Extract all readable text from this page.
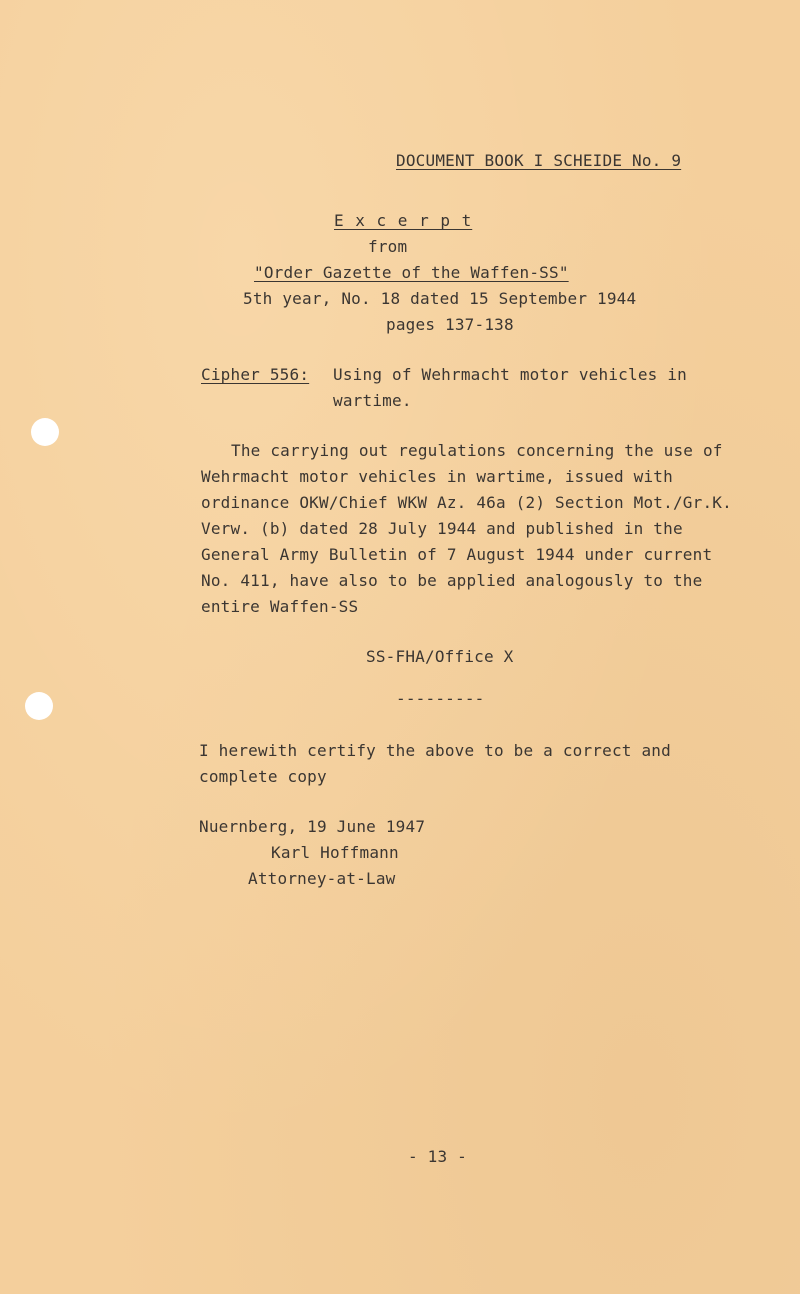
DOCUMENT BOOK I SCHEIDE No. 9
E x c e r p t
from
"Order Gazette of the Waffen-SS"
5th year, No. 18 dated 15 September 1944
pages 137-138
Cipher 556: Using of Wehrmacht motor vehicles in
wartime.
The carrying out regulations concerning the use of
Wehrmacht motor vehicles in wartime, issued with
ordinance OKW/Chief WKW Az. 46a (2) Section Mot./Gr.K.
Verw. (b) dated 28 July 1944 and published in the
General Army Bulletin of 7 August 1944 under current
No. 411, have also to be applied analogously to the
entire Waffen-SS
SS-FHA/Office X
---------
I herewith certify the above to be a correct and
complete copy
Nuernberg, 19 June 1947
Karl Hoffmann
Attorney-at-Law
- 13 -
